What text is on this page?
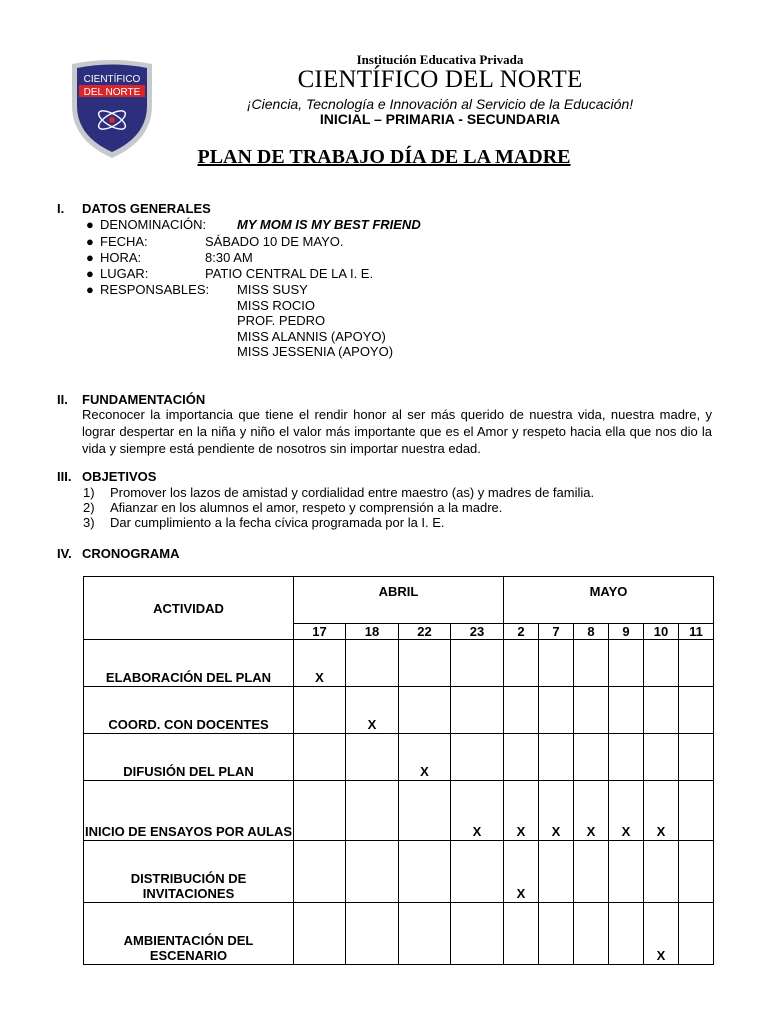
CIENTÍFICO
DEL NORTE
Institución Educativa Privada
CIENTÍFICO DEL NORTE
¡Ciencia, Tecnología e Innovación al Servicio de la Educación!
INICIAL – PRIMARIA - SECUNDARIA
PLAN DE TRABAJO DÍA DE LA MADRE
I. DATOS GENERALES
● DENOMINACIÓN: MY MOM IS MY BEST FRIEND
● FECHA:	SÁBADO 10 DE MAYO.
● HORA:	8:30 AM
● LUGAR:	PATIO CENTRAL DE LA I. E.
● RESPONSABLES: MISS SUSY
MISS ROCIO
PROF. PEDRO
MISS ALANNIS (APOYO)
MISS JESSENIA (APOYO)
II. FUNDAMENTACIÓN
Reconocer la importancia que tiene el rendir honor al ser más querido de nuestra vida, nuestra madre, y lograr despertar en la niña y niño el valor más importante que es el Amor y respeto hacia ella que nos dio la vida y siempre está pendiente de nosotros sin importar nuestra edad.
III. OBJETIVOS
1) Promover los lazos de amistad y cordialidad entre maestro (as) y madres de familia.
2) Afianzar en los alumnos el amor, respeto y comprensión a la madre.
3) Dar cumplimiento a la fecha cívica programada por la I. E.
IV. CRONOGRAMA
ACTIVIDAD	ABRIL				MAYO					
	17	18	22	23	2	7	8	9	10	11
ELABORACIÓN DEL PLAN	X									
COORD. CON DOCENTES		X								
DIFUSIÓN DEL PLAN			X							
INICIO DE ENSAYOS POR AULAS				X	X	X	X	X	X	
DISTRIBUCIÓN DE INVITACIONES					X					
AMBIENTACIÓN DEL ESCENARIO									X	
